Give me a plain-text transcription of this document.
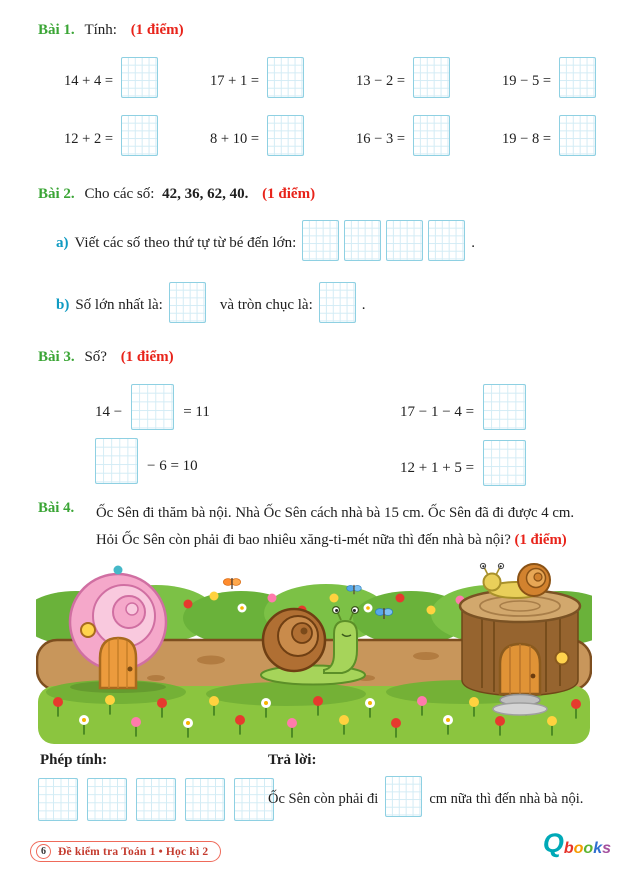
Bài 1. Tính: (1 điểm)
14 + 4 =	17 + 1 =	13 − 2 =	19 − 5 =
12 + 2 =	8 + 10 =	16 − 3 =	19 − 8 =
Bài 2. Cho các số: 42, 36, 62, 40. (1 điểm)
a) Viết các số theo thứ tự từ bé đến lớn:	.
b) Số lớn nhất là:	và tròn chục là:	.
Bài 3. Số? (1 điểm)
14 −	= 11	17 − 1 − 4 =
− 6 = 10	12 + 1 + 5 =
Bài 4.	Ốc Sên đi thăm bà nội. Nhà Ốc Sên cách nhà bà 15 cm. Ốc Sên đã đi được 4 cm.
Hỏi Ốc Sên còn phải đi bao nhiêu xăng-ti-mét nữa thì đến nhà bà nội? (1 điểm)
Phép tính:	Trả lời:
Ốc Sên còn phải đi	cm nữa thì đến nhà bà nội.
6	Đề kiểm tra Toán 1 • Học kì 2	Q b o o k s
